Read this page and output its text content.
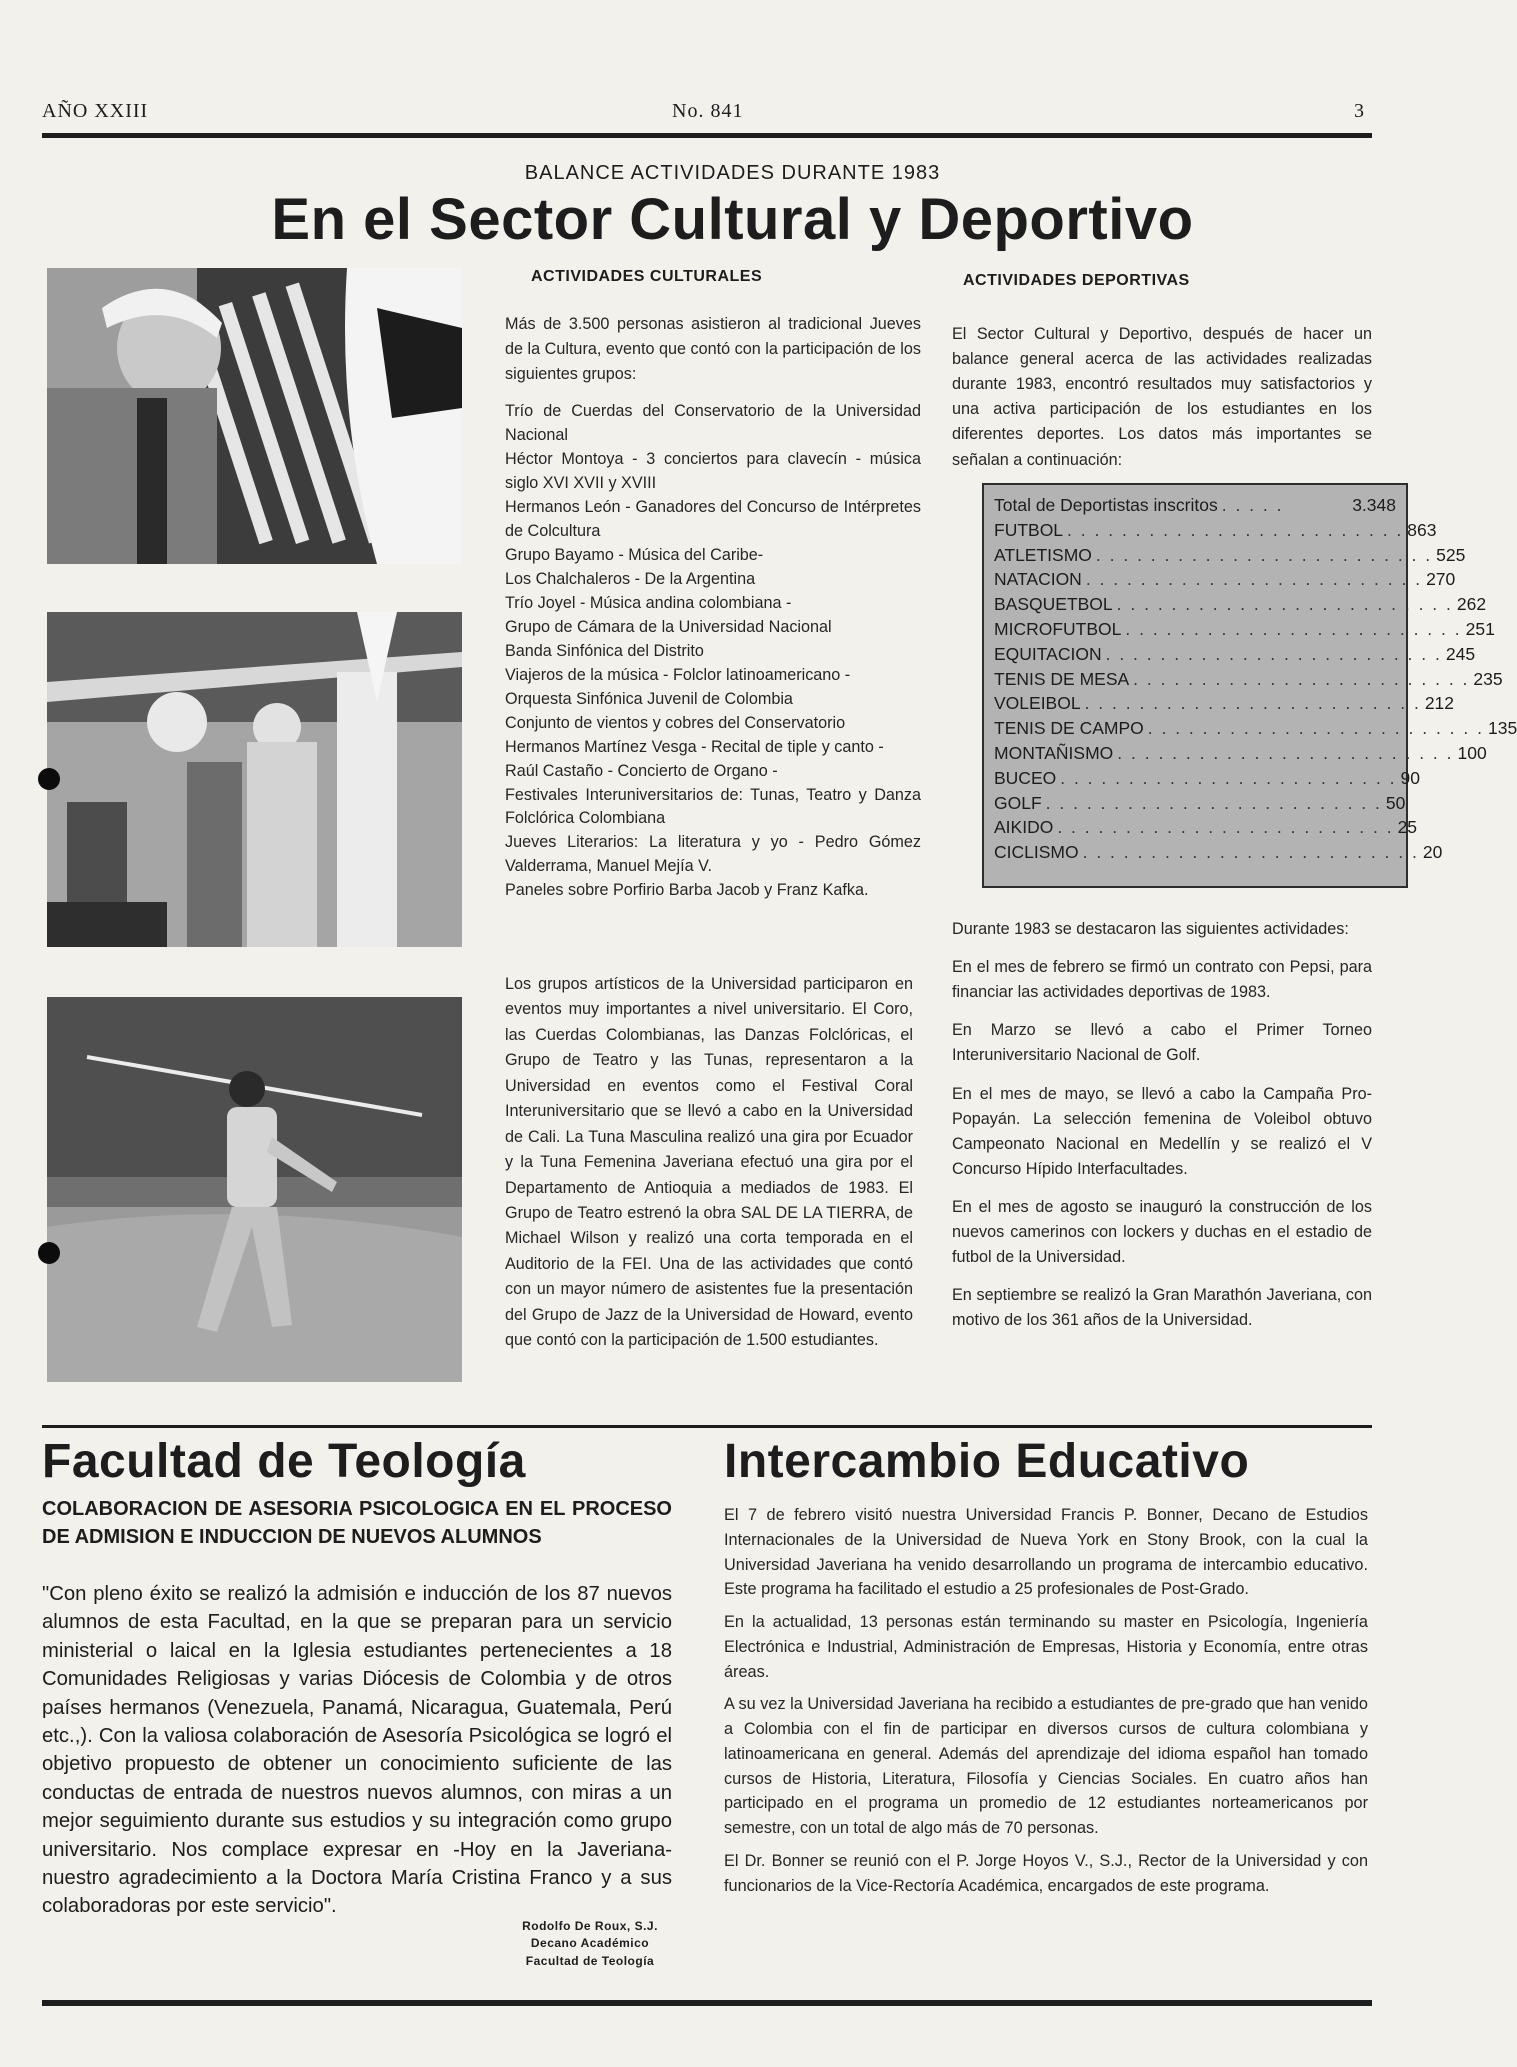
AÑO XXIII	No. 841	3
BALANCE ACTIVIDADES DURANTE 1983
En el Sector Cultural y Deportivo
ACTIVIDADES CULTURALES
Más de 3.500 personas asistieron al tradicional Jueves de la Cultura, evento que contó con la participación de los siguientes grupos:
Trío de Cuerdas del Conservatorio de la Universidad Nacional
Héctor Montoya - 3 conciertos para clavecín - música siglo XVI XVII y XVIII
Hermanos León - Ganadores del Concurso de Intérpretes de Colcultura
Grupo Bayamo - Música del Caribe-
Los Chalchaleros - De la Argentina
Trío Joyel - Música andina colombiana -
Grupo de Cámara de la Universidad Nacional
Banda Sinfónica del Distrito
Viajeros de la música - Folclor latinoamericano -
Orquesta Sinfónica Juvenil de Colombia
Conjunto de vientos y cobres del Conservatorio
Hermanos Martínez Vesga - Recital de tiple y canto -
Raúl Castaño - Concierto de Organo -
Festivales Interuniversitarios de: Tunas, Teatro y Danza Folclórica Colombiana
Jueves Literarios: La literatura y yo - Pedro Gómez Valderrama, Manuel Mejía V.
Paneles sobre Porfirio Barba Jacob y Franz Kafka.
Los grupos artísticos de la Universidad participaron en eventos muy importantes a nivel universitario. El Coro, las Cuerdas Colombianas, las Danzas Folclóricas, el Grupo de Teatro y las Tunas, representaron a la Universidad en eventos como el Festival Coral Interuniversitario que se llevó a cabo en la Universidad de Cali. La Tuna Masculina realizó una gira por Ecuador y la Tuna Femenina Javeriana efectuó una gira por el Departamento de Antioquia a mediados de 1983. El Grupo de Teatro estrenó la obra SAL DE LA TIERRA, de Michael Wilson y realizó una corta temporada en el Auditorio de la FEI. Una de las actividades que contó con un mayor número de asistentes fue la presentación del Grupo de Jazz de la Universidad de Howard, evento que contó con la participación de 1.500 estudiantes.
ACTIVIDADES DEPORTIVAS
El Sector Cultural y Deportivo, después de hacer un balance general acerca de las actividades realizadas durante 1983, encontró resultados muy satisfactorios y una activa participación de los estudiantes en los diferentes deportes. Los datos más importantes se señalan a continuación:
Total de Deportistas inscritos . . . . .	3.348
FUTBOL . . . . . . . . . . . . . . . . . . . . . . . . . 863
ATLETISMO . . . . . . . . . . . . . . . . . . . . . . . . . 525
NATACION . . . . . . . . . . . . . . . . . . . . . . . . . 270
BASQUETBOL . . . . . . . . . . . . . . . . . . . . . . . . . 262
MICROFUTBOL . . . . . . . . . . . . . . . . . . . . . . . . . 251
EQUITACION . . . . . . . . . . . . . . . . . . . . . . . . . 245
TENIS DE MESA . . . . . . . . . . . . . . . . . . . . . . . . . 235
VOLEIBOL . . . . . . . . . . . . . . . . . . . . . . . . . 212
TENIS DE CAMPO . . . . . . . . . . . . . . . . . . . . . . . . . 135
MONTAÑISMO . . . . . . . . . . . . . . . . . . . . . . . . . 100
BUCEO . . . . . . . . . . . . . . . . . . . . . . . . . 90
GOLF . . . . . . . . . . . . . . . . . . . . . . . . . 50
AIKIDO . . . . . . . . . . . . . . . . . . . . . . . . . 25
CICLISMO . . . . . . . . . . . . . . . . . . . . . . . . . 20

Durante 1983 se destacaron las siguientes actividades:

En el mes de febrero se firmó un contrato con Pepsi, para financiar las actividades deportivas de 1983.

En Marzo se llevó a cabo el Primer Torneo Interuniversitario Nacional de Golf.

En el mes de mayo, se llevó a cabo la Campaña Pro-Popayán. La selección femenina de Voleibol obtuvo Campeonato Nacional en Medellín y se realizó el V Concurso Hípido Interfacultades.

En el mes de agosto se inauguró la construcción de los nuevos camerinos con lockers y duchas en el estadio de futbol de la Universidad.

En septiembre se realizó la Gran Marathón Javeriana, con motivo de los 361 años de la Universidad.

Facultad de Teología
COLABORACION DE ASESORIA PSICOLOGICA EN EL PROCESO DE ADMISION E INDUCCION DE NUEVOS ALUMNOS
"Con pleno éxito se realizó la admisión e inducción de los 87 nuevos alumnos de esta Facultad, en la que se preparan para un servicio ministerial o laical en la Iglesia estudiantes pertenecientes a 18 Comunidades Religiosas y varias Diócesis de Colombia y de otros países hermanos (Venezuela, Panamá, Nicaragua, Guatemala, Perú etc.,). Con la valiosa colaboración de Asesoría Psicológica se logró el objetivo propuesto de obtener un conocimiento suficiente de las conductas de entrada de nuestros nuevos alumnos, con miras a un mejor seguimiento durante sus estudios y su integración como grupo universitario. Nos complace expresar en -Hoy en la Javeriana- nuestro agradecimiento a la Doctora María Cristina Franco y a sus colaboradoras por este servicio".
Rodolfo De Roux, S.J.
Decano Académico
Facultad de Teología
Intercambio Educativo

El 7 de febrero visitó nuestra Universidad Francis P. Bonner, Decano de Estudios Internacionales de la Universidad de Nueva York en Stony Brook, con la cual la Universidad Javeriana ha venido desarrollando un programa de intercambio educativo. Este programa ha facilitado el estudio a 25 profesionales de Post-Grado.

En la actualidad, 13 personas están terminando su master en Psicología, Ingeniería Electrónica e Industrial, Administración de Empresas, Historia y Economía, entre otras áreas.

A su vez la Universidad Javeriana ha recibido a estudiantes de pre-grado que han venido a Colombia con el fin de participar en diversos cursos de cultura colombiana y latinoamericana en general. Además del aprendizaje del idioma español han tomado cursos de Historia, Literatura, Filosofía y Ciencias Sociales. En cuatro años han participado en el programa un promedio de 12 estudiantes norteamericanos por semestre, con un total de algo más de 70 personas.

El Dr. Bonner se reunió con el P. Jorge Hoyos V., S.J., Rector de la Universidad y con funcionarios de la Vice-Rectoría Académica, encargados de este programa.
